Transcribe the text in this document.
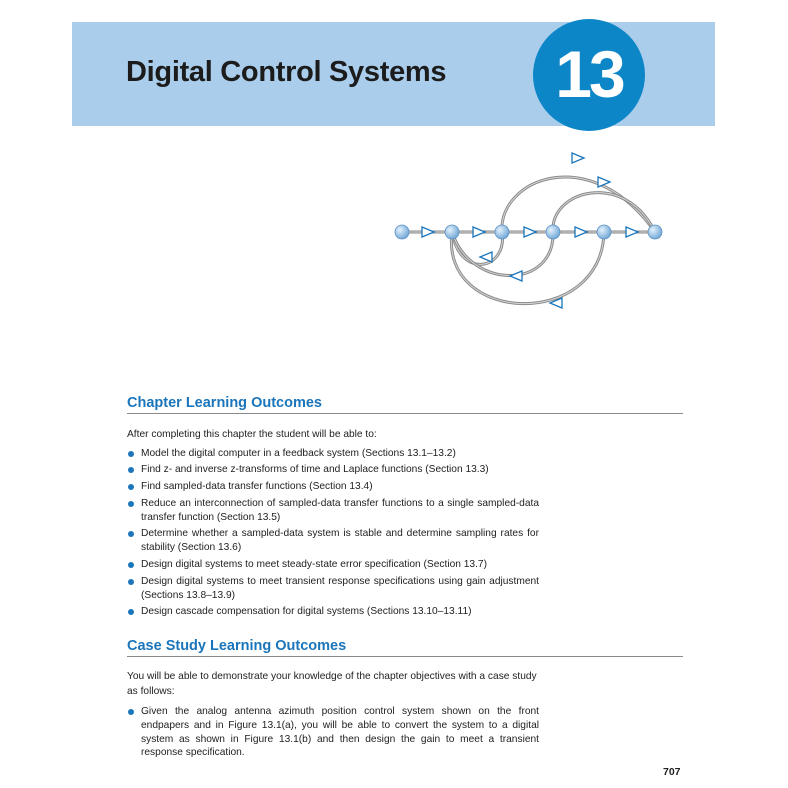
Digital Control Systems	13
Chapter Learning Outcomes

After completing this chapter the student will be able to:

Model the digital computer in a feedback system (Sections 13.1–13.2)
Find z- and inverse z-transforms of time and Laplace functions (Section 13.3)
Find sampled-data transfer functions (Section 13.4)
Reduce an interconnection of sampled-data transfer functions to a single sampled-data transfer function (Section 13.5)
Determine whether a sampled-data system is stable and determine sampling rates for stability (Section 13.6)
Design digital systems to meet steady-state error specification (Section 13.7)
Design digital systems to meet transient response specifications using gain adjustment (Sections 13.8–13.9)
Design cascade compensation for digital systems (Sections 13.10–13.11)
Case Study Learning Outcomes

You will be able to demonstrate your knowledge of the chapter objectives with a case study as follows:

Given the analog antenna azimuth position control system shown on the front endpapers and in Figure 13.1(a), you will be able to convert the system to a digital system as shown in Figure 13.1(b) and then design the gain to meet a transient response specification.

707
